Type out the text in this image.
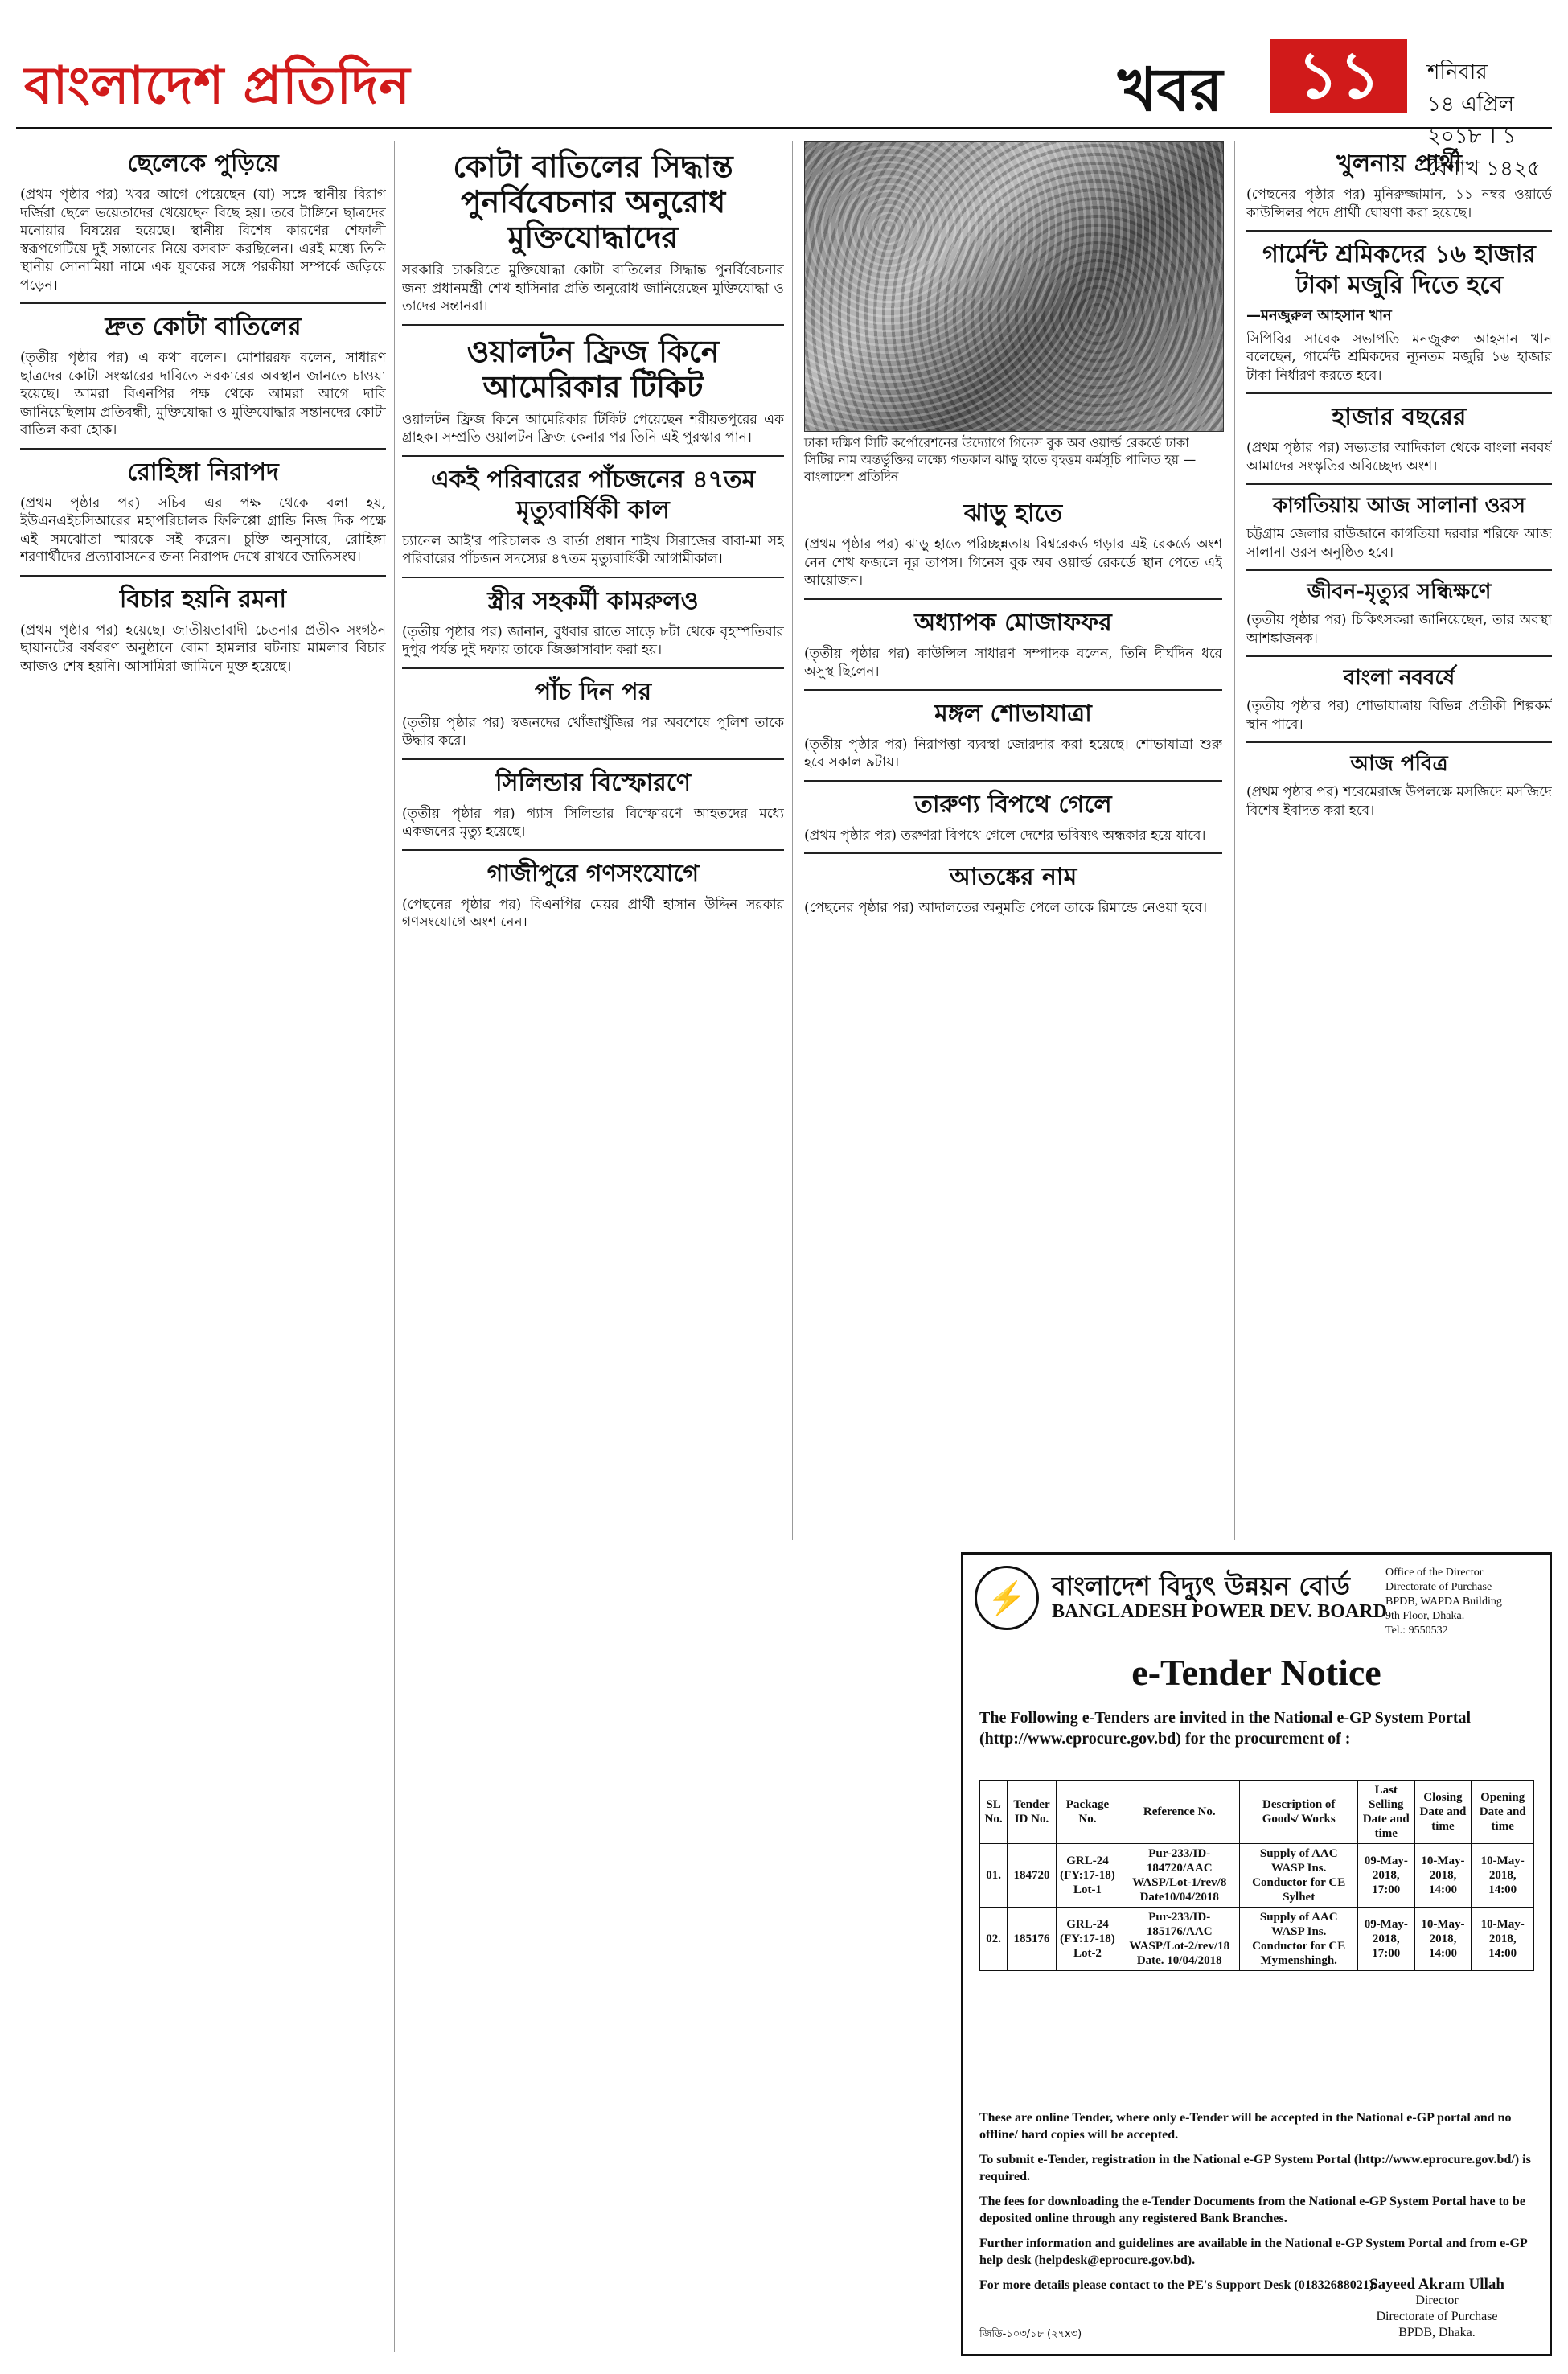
বাংলাদেশ প্রতিদিন	খবর	১১	শনিবার
১৪ এপ্রিল ২০১৮ । ১ বৈশাখ ১৪২৫
ছেলেকে পুড়িয়ে

(প্রথম পৃষ্ঠার পর) খবর আগে পেয়েছেন (যা) সঙ্গে স্থানীয় বিরাগ দর্জিরা ছেলে ভয়েতাদের খেয়েছেন বিছে হয়। তবে টাঙ্গিনে ছাত্রদের মনোয়ার বিষয়ের হয়েছে। স্থানীয় বিশেষ কারণের শেফালী স্বরূপগেটিয়ে দুই সন্তানের নিয়ে বসবাস করছিলেন। এরই মধ্যে তিনি স্থানীয় সোনামিয়া নামে এক যুবকের সঙ্গে পরকীয়া সম্পর্কে জড়িয়ে পড়েন।

দ্রুত কোটা বাতিলের

(তৃতীয় পৃষ্ঠার পর) এ কথা বলেন। মোশাররফ বলেন, সাধারণ ছাত্রদের কোটা সংস্কারের দাবিতে সরকারের অবস্থান জানতে চাওয়া হয়েছে। আমরা বিএনপির পক্ষ থেকে আমরা আগে দাবি জানিয়েছিলাম প্রতিবন্ধী, মুক্তিযোদ্ধা ও মুক্তিযোদ্ধার সন্তানদের কোটা বাতিল করা হোক।

রোহিঙ্গা নিরাপদ

(প্রথম পৃষ্ঠার পর) সচিব এর পক্ষ থেকে বলা হয়, ইউএনএইচসিআরের মহাপরিচালক ফিলিপ্পো গ্রান্ডি নিজ দিক পক্ষে এই সমঝোতা স্মারকে সই করেন। চুক্তি অনুসারে, রোহিঙ্গা শরণার্থীদের প্রত্যাবাসনের জন্য নিরাপদ দেখে রাখবে জাতিসংঘ।

বিচার হয়নি রমনা

(প্রথম পৃষ্ঠার পর) হয়েছে। জাতীয়তাবাদী চেতনার প্রতীক সংগঠন ছায়ানটের বর্ষবরণ অনুষ্ঠানে বোমা হামলার ঘটনায় মামলার বিচার আজও শেষ হয়নি। আসামিরা জামিনে মুক্ত হয়েছে।

কোটা বাতিলের সিদ্ধান্ত পুনর্বিবেচনার অনুরোধ মুক্তিযোদ্ধাদের

সরকারি চাকরিতে মুক্তিযোদ্ধা কোটা বাতিলের সিদ্ধান্ত পুনর্বিবেচনার জন্য প্রধানমন্ত্রী শেখ হাসিনার প্রতি অনুরোধ জানিয়েছেন মুক্তিযোদ্ধা ও তাদের সন্তানরা।

ওয়ালটন ফ্রিজ কিনে আমেরিকার টিকিট

ওয়ালটন ফ্রিজ কিনে আমেরিকার টিকিট পেয়েছেন শরীয়তপুরের এক গ্রাহক। সম্প্রতি ওয়ালটন ফ্রিজ কেনার পর তিনি এই পুরস্কার পান।

একই পরিবারের পাঁচজনের ৪৭তম মৃত্যুবার্ষিকী কাল

চ্যানেল আই'র পরিচালক ও বার্তা প্রধান শাইখ সিরাজের বাবা-মা সহ পরিবারের পাঁচজন সদস্যের ৪৭তম মৃত্যুবার্ষিকী আগামীকাল।

স্ত্রীর সহকর্মী কামরুলও

(তৃতীয় পৃষ্ঠার পর) জানান, বুধবার রাতে সাড়ে ৮টা থেকে বৃহস্পতিবার দুপুর পর্যন্ত দুই দফায় তাকে জিজ্ঞাসাবাদ করা হয়।

পাঁচ দিন পর

(তৃতীয় পৃষ্ঠার পর) স্বজনদের খোঁজাখুঁজির পর অবশেষে পুলিশ তাকে উদ্ধার করে।

সিলিন্ডার বিস্ফোরণে

(তৃতীয় পৃষ্ঠার পর) গ্যাস সিলিন্ডার বিস্ফোরণে আহতদের মধ্যে একজনের মৃত্যু হয়েছে।

গাজীপুরে গণসংযোগে

(পেছনের পৃষ্ঠার পর) বিএনপির মেয়র প্রার্থী হাসান উদ্দিন সরকার গণসংযোগে অংশ নেন।

ঢাকা দক্ষিণ সিটি কর্পোরেশনের উদ্যোগে গিনেস বুক অব ওয়ার্ল্ড রেকর্ডে ঢাকা সিটির নাম অন্তর্ভুক্তির লক্ষ্যে গতকাল ঝাড়ু হাতে বৃহত্তম কর্মসূচি পালিত হয় —বাংলাদেশ প্রতিদিন
ঝাড়ু হাতে

(প্রথম পৃষ্ঠার পর) ঝাড়ু হাতে পরিচ্ছন্নতায় বিশ্বরেকর্ড গড়ার এই রেকর্ডে অংশ নেন শেখ ফজলে নূর তাপস। গিনেস বুক অব ওয়ার্ল্ড রেকর্ডে স্থান পেতে এই আয়োজন।

অধ্যাপক মোজাফফর

(তৃতীয় পৃষ্ঠার পর) কাউন্সিল সাধারণ সম্পাদক বলেন, তিনি দীর্ঘদিন ধরে অসুস্থ ছিলেন।

মঙ্গল শোভাযাত্রা

(তৃতীয় পৃষ্ঠার পর) নিরাপত্তা ব্যবস্থা জোরদার করা হয়েছে। শোভাযাত্রা শুরু হবে সকাল ৯টায়।

তারুণ্য বিপথে গেলে

(প্রথম পৃষ্ঠার পর) তরুণরা বিপথে গেলে দেশের ভবিষ্যৎ অন্ধকার হয়ে যাবে।

আতঙ্কের নাম

(পেছনের পৃষ্ঠার পর) আদালতের অনুমতি পেলে তাকে রিমান্ডে নেওয়া হবে।

খুলনায় প্রার্থী

(পেছনের পৃষ্ঠার পর) মুনিরুজ্জামান, ১১ নম্বর ওয়ার্ডে কাউন্সিলর পদে প্রার্থী ঘোষণা করা হয়েছে।

গার্মেন্ট শ্রমিকদের ১৬ হাজার টাকা মজুরি দিতে হবে
—মনজুরুল আহসান খান

সিপিবির সাবেক সভাপতি মনজুরুল আহসান খান বলেছেন, গার্মেন্ট শ্রমিকদের ন্যূনতম মজুরি ১৬ হাজার টাকা নির্ধারণ করতে হবে।

হাজার বছরের

(প্রথম পৃষ্ঠার পর) সভ্যতার আদিকাল থেকে বাংলা নববর্ষ আমাদের সংস্কৃতির অবিচ্ছেদ্য অংশ।

কাগতিয়ায় আজ সালানা ওরস

চট্টগ্রাম জেলার রাউজানে কাগতিয়া দরবার শরিফে আজ সালানা ওরস অনুষ্ঠিত হবে।

জীবন-মৃত্যুর সন্ধিক্ষণে

(তৃতীয় পৃষ্ঠার পর) চিকিৎসকরা জানিয়েছেন, তার অবস্থা আশঙ্কাজনক।

বাংলা নববর্ষে

(তৃতীয় পৃষ্ঠার পর) শোভাযাত্রায় বিভিন্ন প্রতীকী শিল্পকর্ম স্থান পাবে।

আজ পবিত্র

(প্রথম পৃষ্ঠার পর) শবেমেরাজ উপলক্ষে মসজিদে মসজিদে বিশেষ ইবাদত করা হবে।

⚡ বাংলাদেশ বিদ্যুৎ উন্নয়ন বোর্ড
BANGLADESH POWER DEV. BOARD
Office of the Director
Directorate of Purchase
BPDB, WAPDA Building
9th Floor, Dhaka.
Tel.: 9550532
e-Tender Notice
The Following e-Tenders are invited in the National e-GP System Portal (http://www.eprocure.gov.bd) for the procurement of :
SL No.	Tender ID No.	Package No.	Reference No.	Description of Goods/ Works	Last Selling Date and time	Closing Date and time	Opening Date and time
01.	184720	GRL-24 (FY:17-18) Lot-1	Pur-233/ID-184720/AAC WASP/Lot-1/rev/8 Date10/04/2018	Supply of AAC WASP Ins. Conductor for CE Sylhet	09-May-2018, 17:00	10-May-2018, 14:00	10-May-2018, 14:00
02.	185176	GRL-24 (FY:17-18) Lot-2	Pur-233/ID-185176/AAC WASP/Lot-2/rev/18 Date. 10/04/2018	Supply of AAC WASP Ins. Conductor for CE Mymenshingh.	09-May-2018, 17:00	10-May-2018, 14:00	10-May-2018, 14:00

These are online Tender, where only e-Tender will be accepted in the National e-GP portal and no offline/ hard copies will be accepted.

To submit e-Tender, registration in the National e-GP System Portal (http://www.eprocure.gov.bd/) is required.

The fees for downloading the e-Tender Documents from the National e-GP System Portal have to be deposited online through any registered Bank Branches.

Further information and guidelines are available in the National e-GP System Portal and from e-GP help desk (helpdesk@eprocure.gov.bd).

For more details please contact to the PE's Support Desk (01832688021).

জিডি-১০৩/১৮ (২৭x৩)
Sayeed Akram Ullah
Director
Directorate of Purchase
BPDB, Dhaka.
